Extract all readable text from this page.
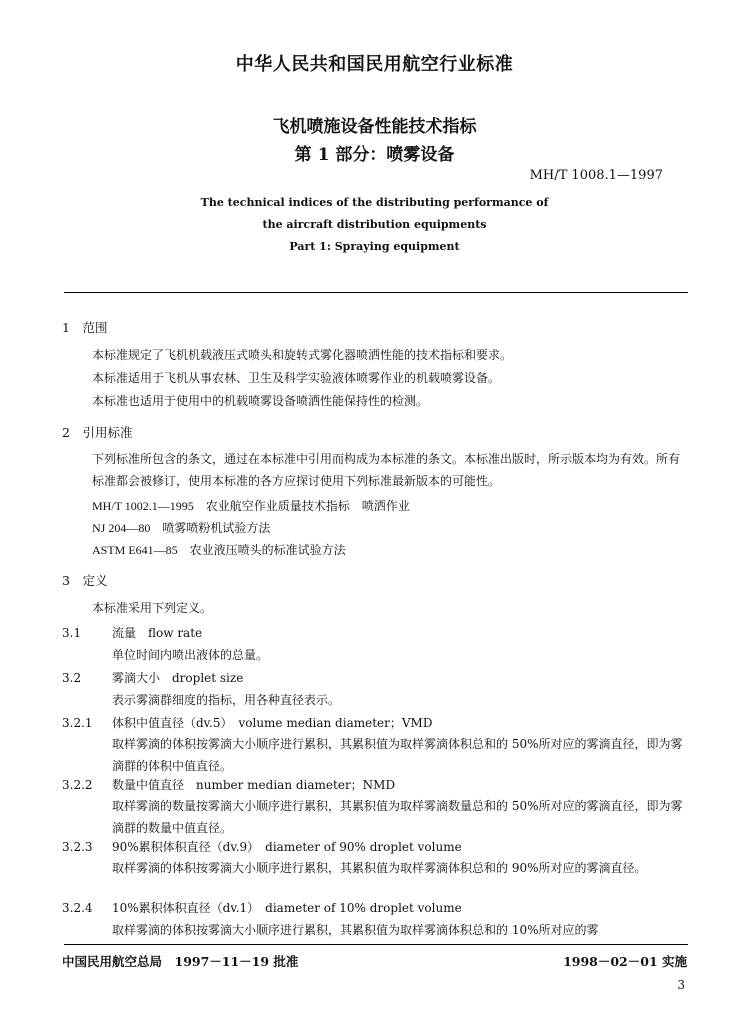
中华人民共和国民用航空行业标准
飞机喷施设备性能技术指标
第 1 部分：喷雾设备
MH/T 1008.1—1997
The technical indices of the distributing performance of
the aircraft distribution equipments
Part 1: Spraying equipment
1　范围
本标准规定了飞机机载液压式喷头和旋转式雾化器喷洒性能的技术指标和要求。
本标准适用于飞机从事农林、卫生及科学实验液体喷雾作业的机载喷雾设备。
本标准也适用于使用中的机载喷雾设备喷洒性能保持性的检测。
2　引用标准
下列标准所包含的条文，通过在本标准中引用而构成为本标准的条文。本标准出版时，所示版本均为有效。所有标准都会被修订，使用本标准的各方应探讨使用下列标准最新版本的可能性。
MH/T 1002.1—1995　农业航空作业质量技术指标　喷洒作业
NJ 204—80　喷雾喷粉机试验方法
ASTM E641—85　农业液压喷头的标准试验方法
3　定义
本标准采用下列定义。
3.1	流量　flow rate
单位时间内喷出液体的总量。
3.2	雾滴大小　droplet size
表示雾滴群细度的指标，用各种直径表示。
3.2.1 体积中值直径（dv.5）　volume median diameter；VMD
取样雾滴的体积按雾滴大小顺序进行累积，其累积值为取样雾滴体积总和的 50%所对应的雾滴直径，即为雾滴群的体积中值直径。
3.2.2 数量中值直径　number median diameter；NMD
取样雾滴的数量按雾滴大小顺序进行累积，其累积值为取样雾滴数量总和的 50%所对应的雾滴直径，即为雾滴群的数量中值直径。
3.2.3 90%累积体积直径（dv.9）　diameter of 90% droplet volume
取样雾滴的体积按雾滴大小顺序进行累积，其累积值为取样雾滴体积总和的 90%所对应的雾滴直径。
3.2.4 10%累积体积直径（dv.1）　diameter of 10% droplet volume
取样雾滴的体积按雾滴大小顺序进行累积，其累积值为取样雾滴体积总和的 10%所对应的雾
中国民用航空总局　1997－11－19 批准	1998－02－01 实施
3
